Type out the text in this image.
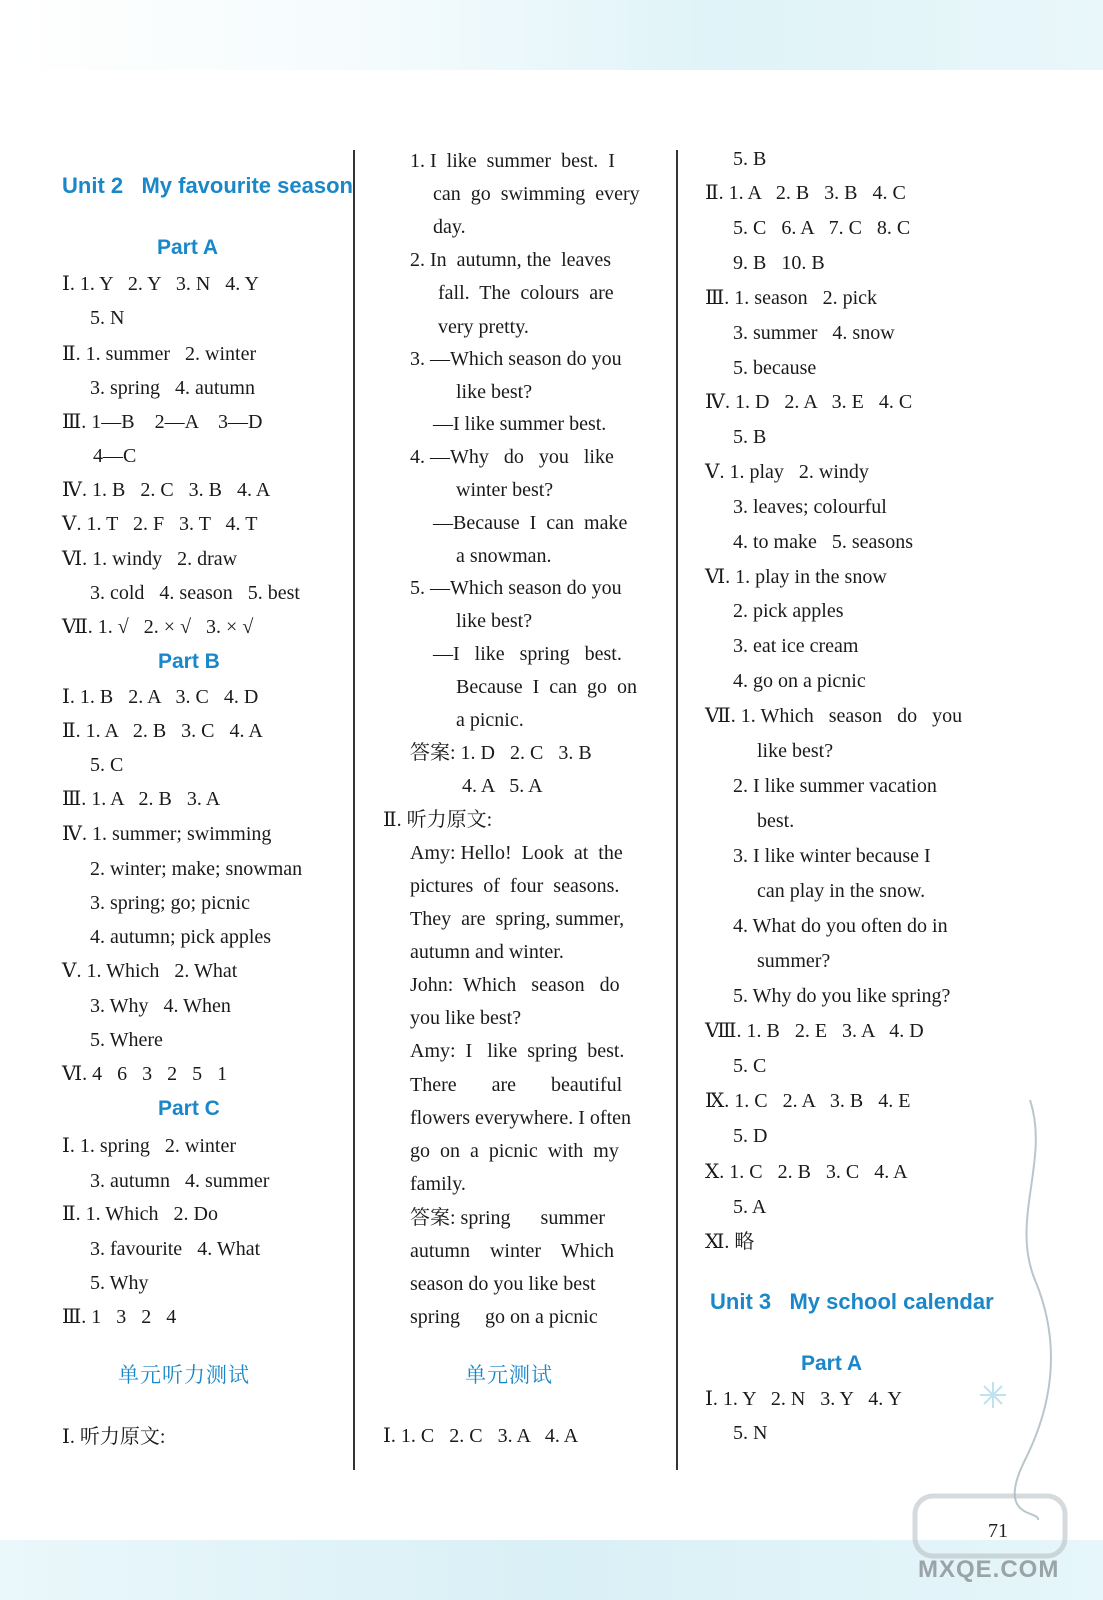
Unit 2   My favourite season
Part A
Ⅰ. 1. Y   2. Y   3. N   4. Y
5. N
Ⅱ. 1. summer   2. winter
3. spring   4. autumn
Ⅲ. 1—B    2—A    3—D
4—C
Ⅳ. 1. B   2. C   3. B   4. A
Ⅴ. 1. T   2. F   3. T   4. T
Ⅵ. 1. windy   2. draw
3. cold   4. season   5. best
Ⅶ. 1. √   2. × √   3. × √
Part B
Ⅰ. 1. B   2. A   3. C   4. D
Ⅱ. 1. A   2. B   3. C   4. A
5. C
Ⅲ. 1. A   2. B   3. A
Ⅳ. 1. summer; swimming
2. winter; make; snowman
3. spring; go; picnic
4. autumn; pick apples
Ⅴ. 1. Which   2. What
3. Why   4. When
5. Where
Ⅵ. 4   6   3   2   5   1
Part C
Ⅰ. 1. spring   2. winter
3. autumn   4. summer
Ⅱ. 1. Which   2. Do
3. favourite   4. What
5. Why
Ⅲ. 1   3   2   4
单元听力测试
Ⅰ. 听力原文:
1. I  like  summer  best.  I
can  go  swimming  every
day.
2. In  autumn, the  leaves
fall.  The  colours  are
very pretty.
3. —Which season do you
like best?
—I like summer best.
4. —Why   do   you   like
winter best?
—Because  I  can  make
a snowman.
5. —Which season do you
like best?
—I   like   spring   best.
Because  I  can  go  on
a picnic.
答案: 1. D   2. C   3. B
4. A   5. A
Ⅱ. 听力原文:
Amy: Hello!  Look  at  the
pictures  of  four  seasons.
They  are  spring, summer,
autumn and winter.
John:  Which   season   do
you like best?
Amy:  I   like  spring  best.
There       are       beautiful
flowers everywhere. I often
go  on  a  picnic  with  my
family.
答案: spring      summer
autumn    winter    Which
season do you like best
spring     go on a picnic
单元测试
Ⅰ. 1. C   2. C   3. A   4. A
5. B
Ⅱ. 1. A   2. B   3. B   4. C
5. C   6. A   7. C   8. C
9. B   10. B
Ⅲ. 1. season   2. pick
3. summer   4. snow
5. because
Ⅳ. 1. D   2. A   3. E   4. C
5. B
Ⅴ. 1. play   2. windy
3. leaves; colourful
4. to make   5. seasons
Ⅵ. 1. play in the snow
2. pick apples
3. eat ice cream
4. go on a picnic
Ⅶ. 1. Which   season   do   you
like best?
2. I like summer vacation
best.
3. I like winter because I
can play in the snow.
4. What do you often do in
summer?
5. Why do you like spring?
Ⅷ. 1. B   2. E   3. A   4. D
5. C
Ⅸ. 1. C   2. A   3. B   4. E
5. D
Ⅹ. 1. C   2. B   3. C   4. A
5. A
Ⅺ. 略
Unit 3   My school calendar
Part A
Ⅰ. 1. Y   2. N   3. Y   4. Y
5. N
71
MXQE.COM
